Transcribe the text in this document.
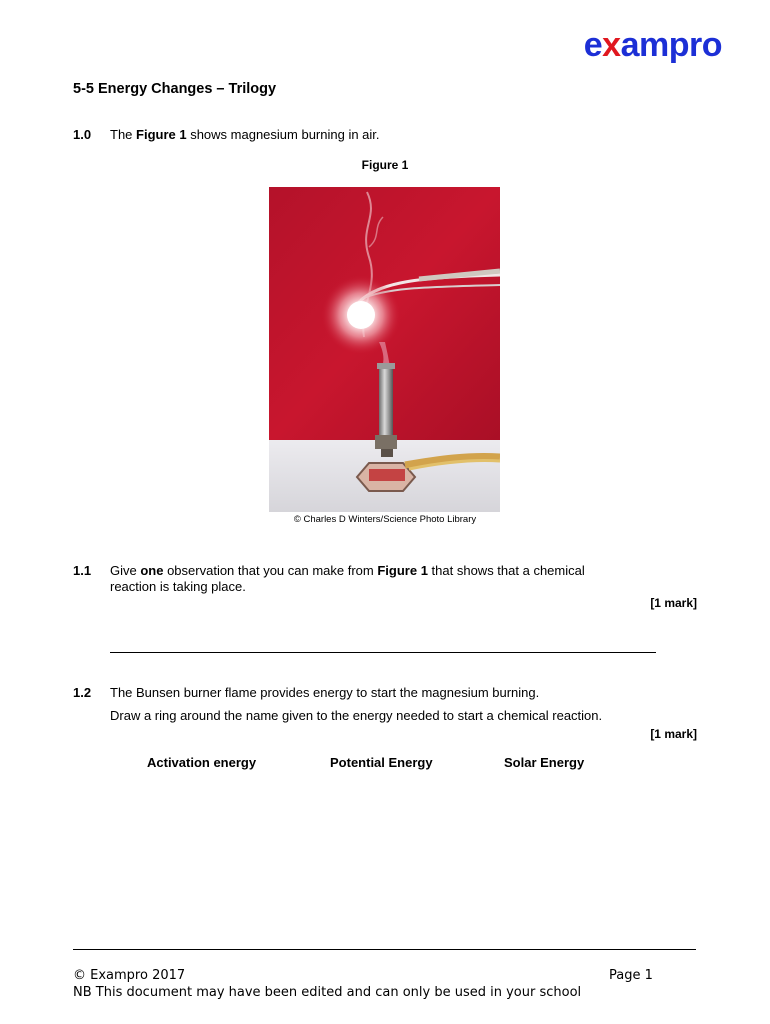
exampro
5-5 Energy Changes – Trilogy
1.0 The Figure 1 shows magnesium burning in air.
Figure 1
© Charles D Winters/Science Photo Library
1.1 Give one observation that you can make from Figure 1 that shows that a chemical
reaction is taking place.
[1 mark]
1.2 The Bunsen burner flame provides energy to start the magnesium burning.
Draw a ring around the name given to the energy needed to start a chemical reaction.
[1 mark]
Activation energy	Potential Energy	Solar Energy
© Exampro 2017	Page 1
NB This document may have been edited and can only be used in your school
